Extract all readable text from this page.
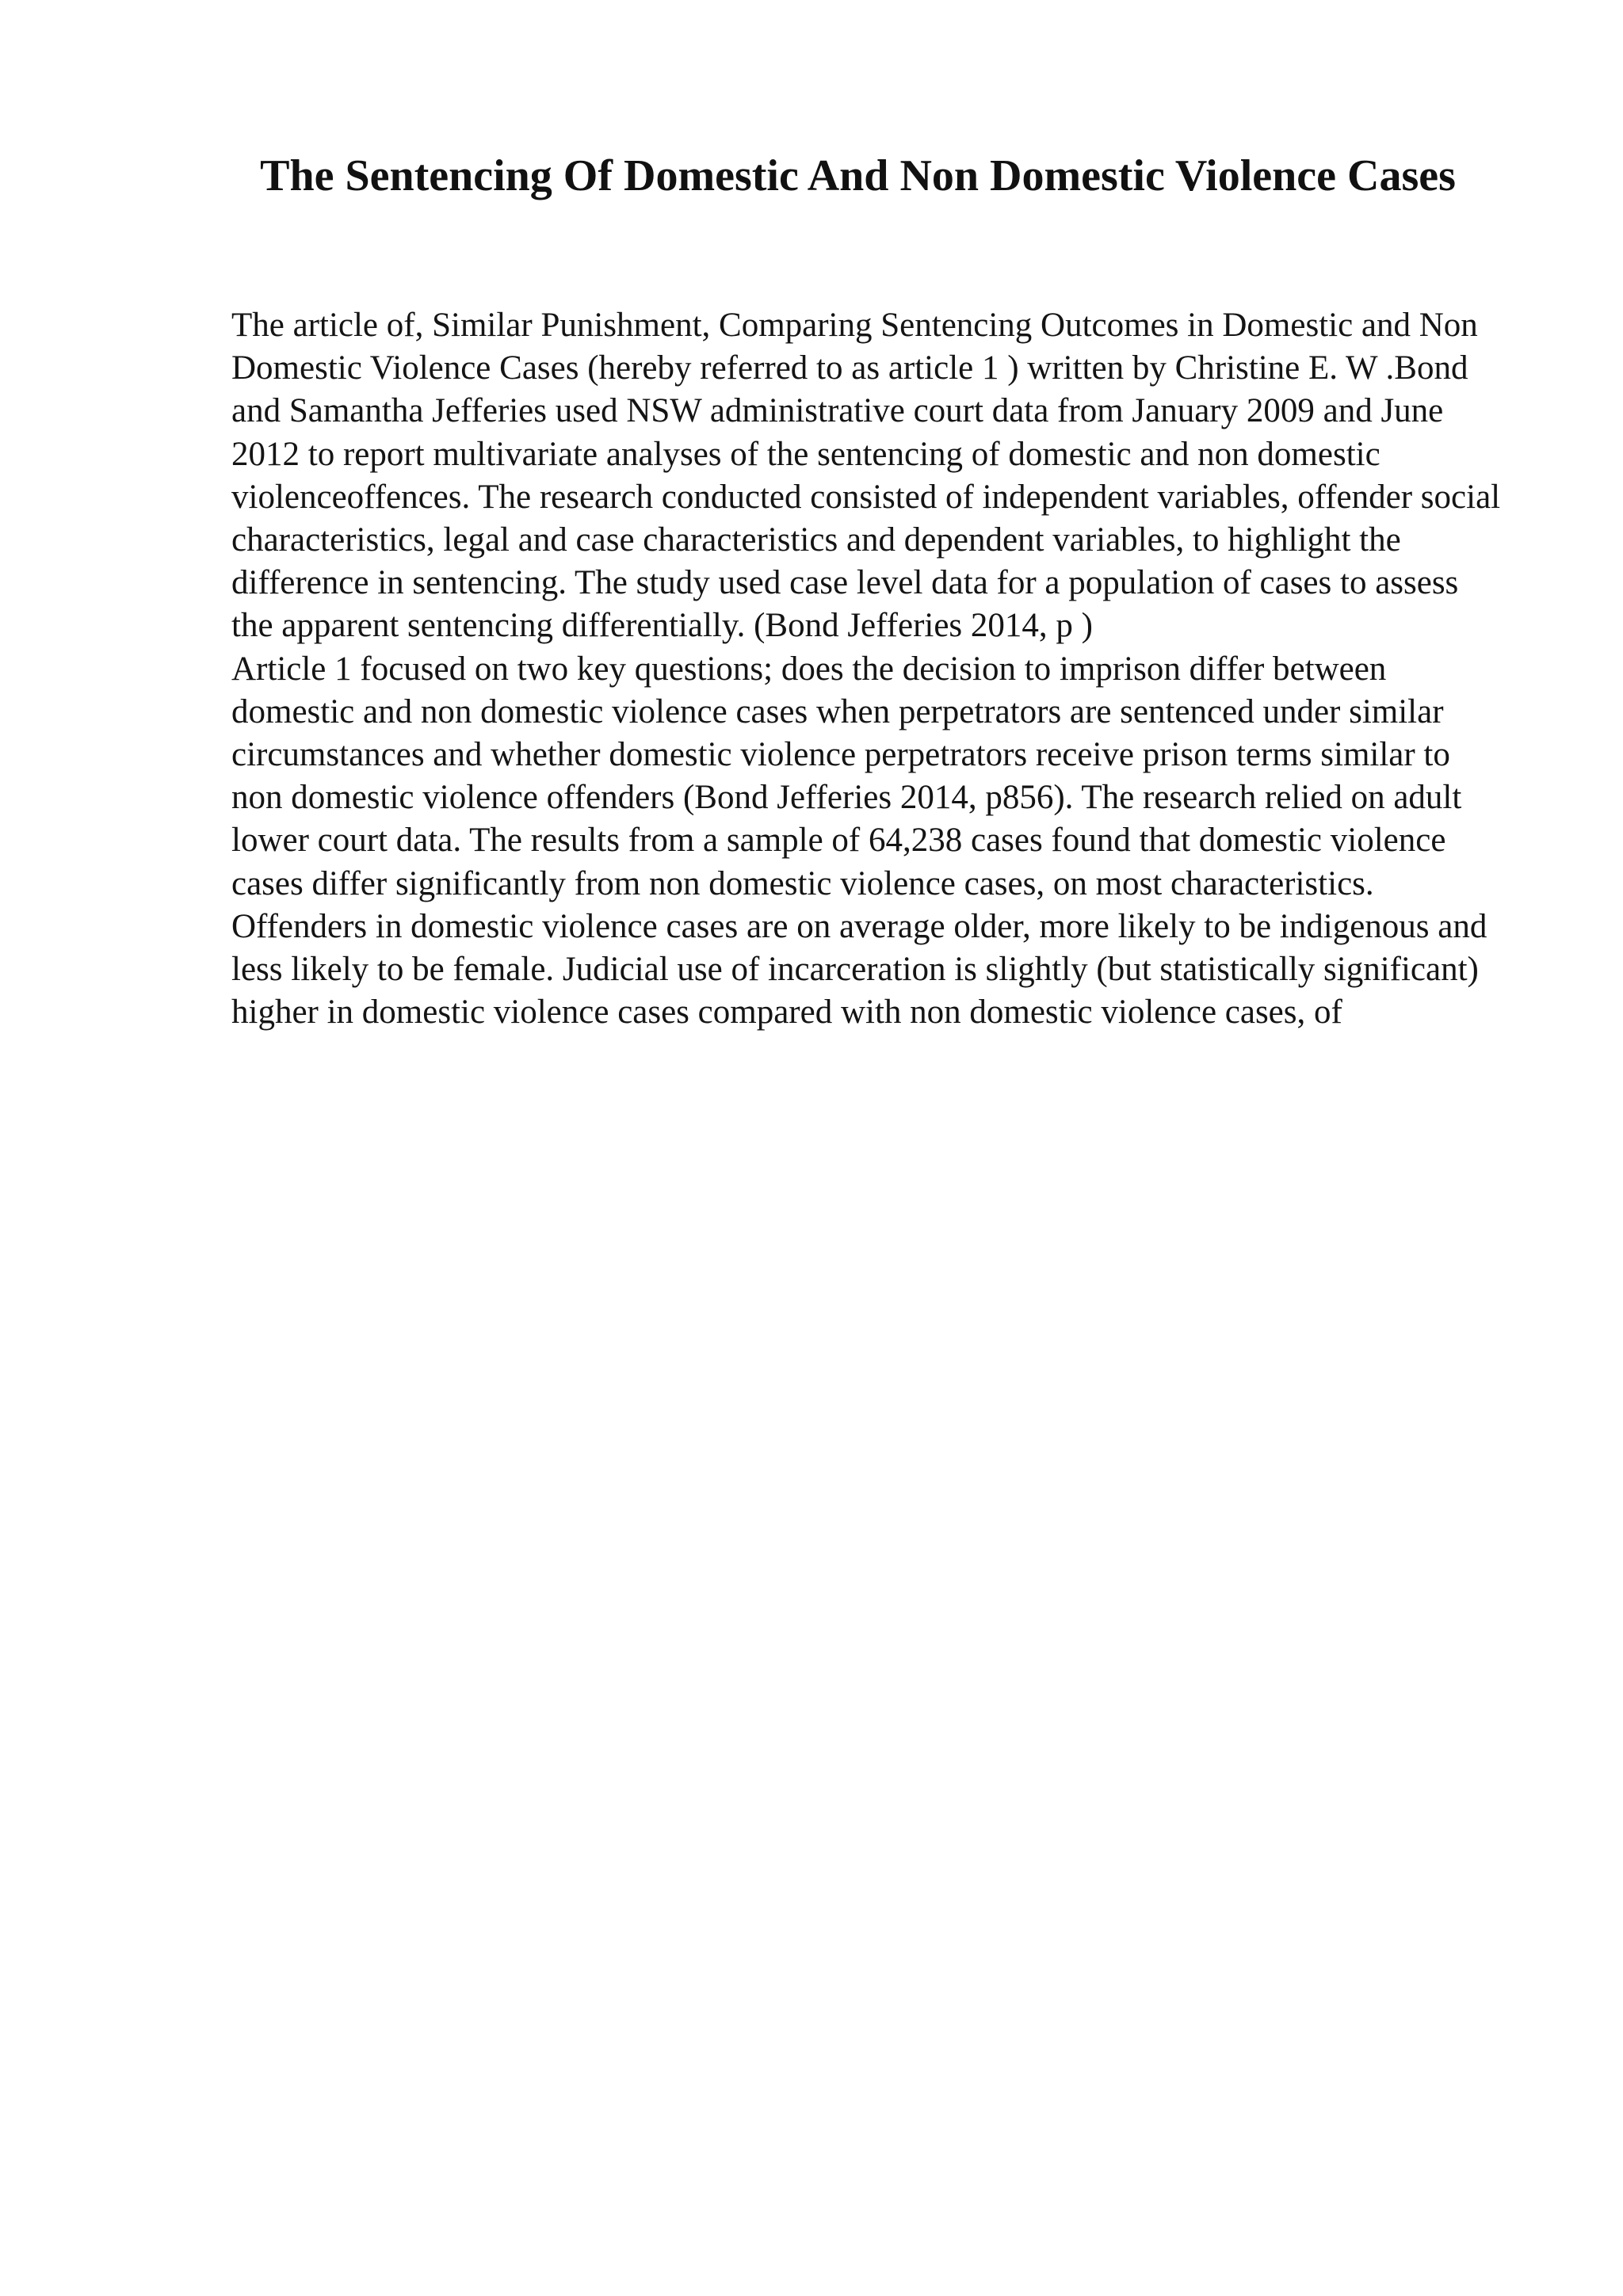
The Sentencing Of Domestic And Non Domestic Violence Cases

The article of, Similar Punishment, Comparing Sentencing Outcomes in Domestic and Non Domestic Violence Cases (hereby referred to as article 1 ) written by Christine E. W .Bond and Samantha Jefferies used NSW administrative court data from January 2009 and June 2012 to report multivariate analyses of the sentencing of domestic and non domestic violenceoffences. The research conducted consisted of independent variables, offender social characteristics, legal and case characteristics and dependent variables, to highlight the difference in sentencing. The study used case level data for a population of cases to assess the apparent sentencing differentially. (Bond Jefferies 2014, p )

Article 1 focused on two key questions; does the decision to imprison differ between domestic and non domestic violence cases when perpetrators are sentenced under similar circumstances and whether domestic violence perpetrators receive prison terms similar to non domestic violence offenders (Bond Jefferies 2014, p856). The research relied on adult lower court data. The results from a sample of 64,238 cases found that domestic violence cases differ significantly from non domestic violence cases, on most characteristics. Offenders in domestic violence cases are on average older, more likely to be indigenous and less likely to be female. Judicial use of incarceration is slightly (but statistically significant) higher in domestic violence cases compared with non domestic violence cases, of
